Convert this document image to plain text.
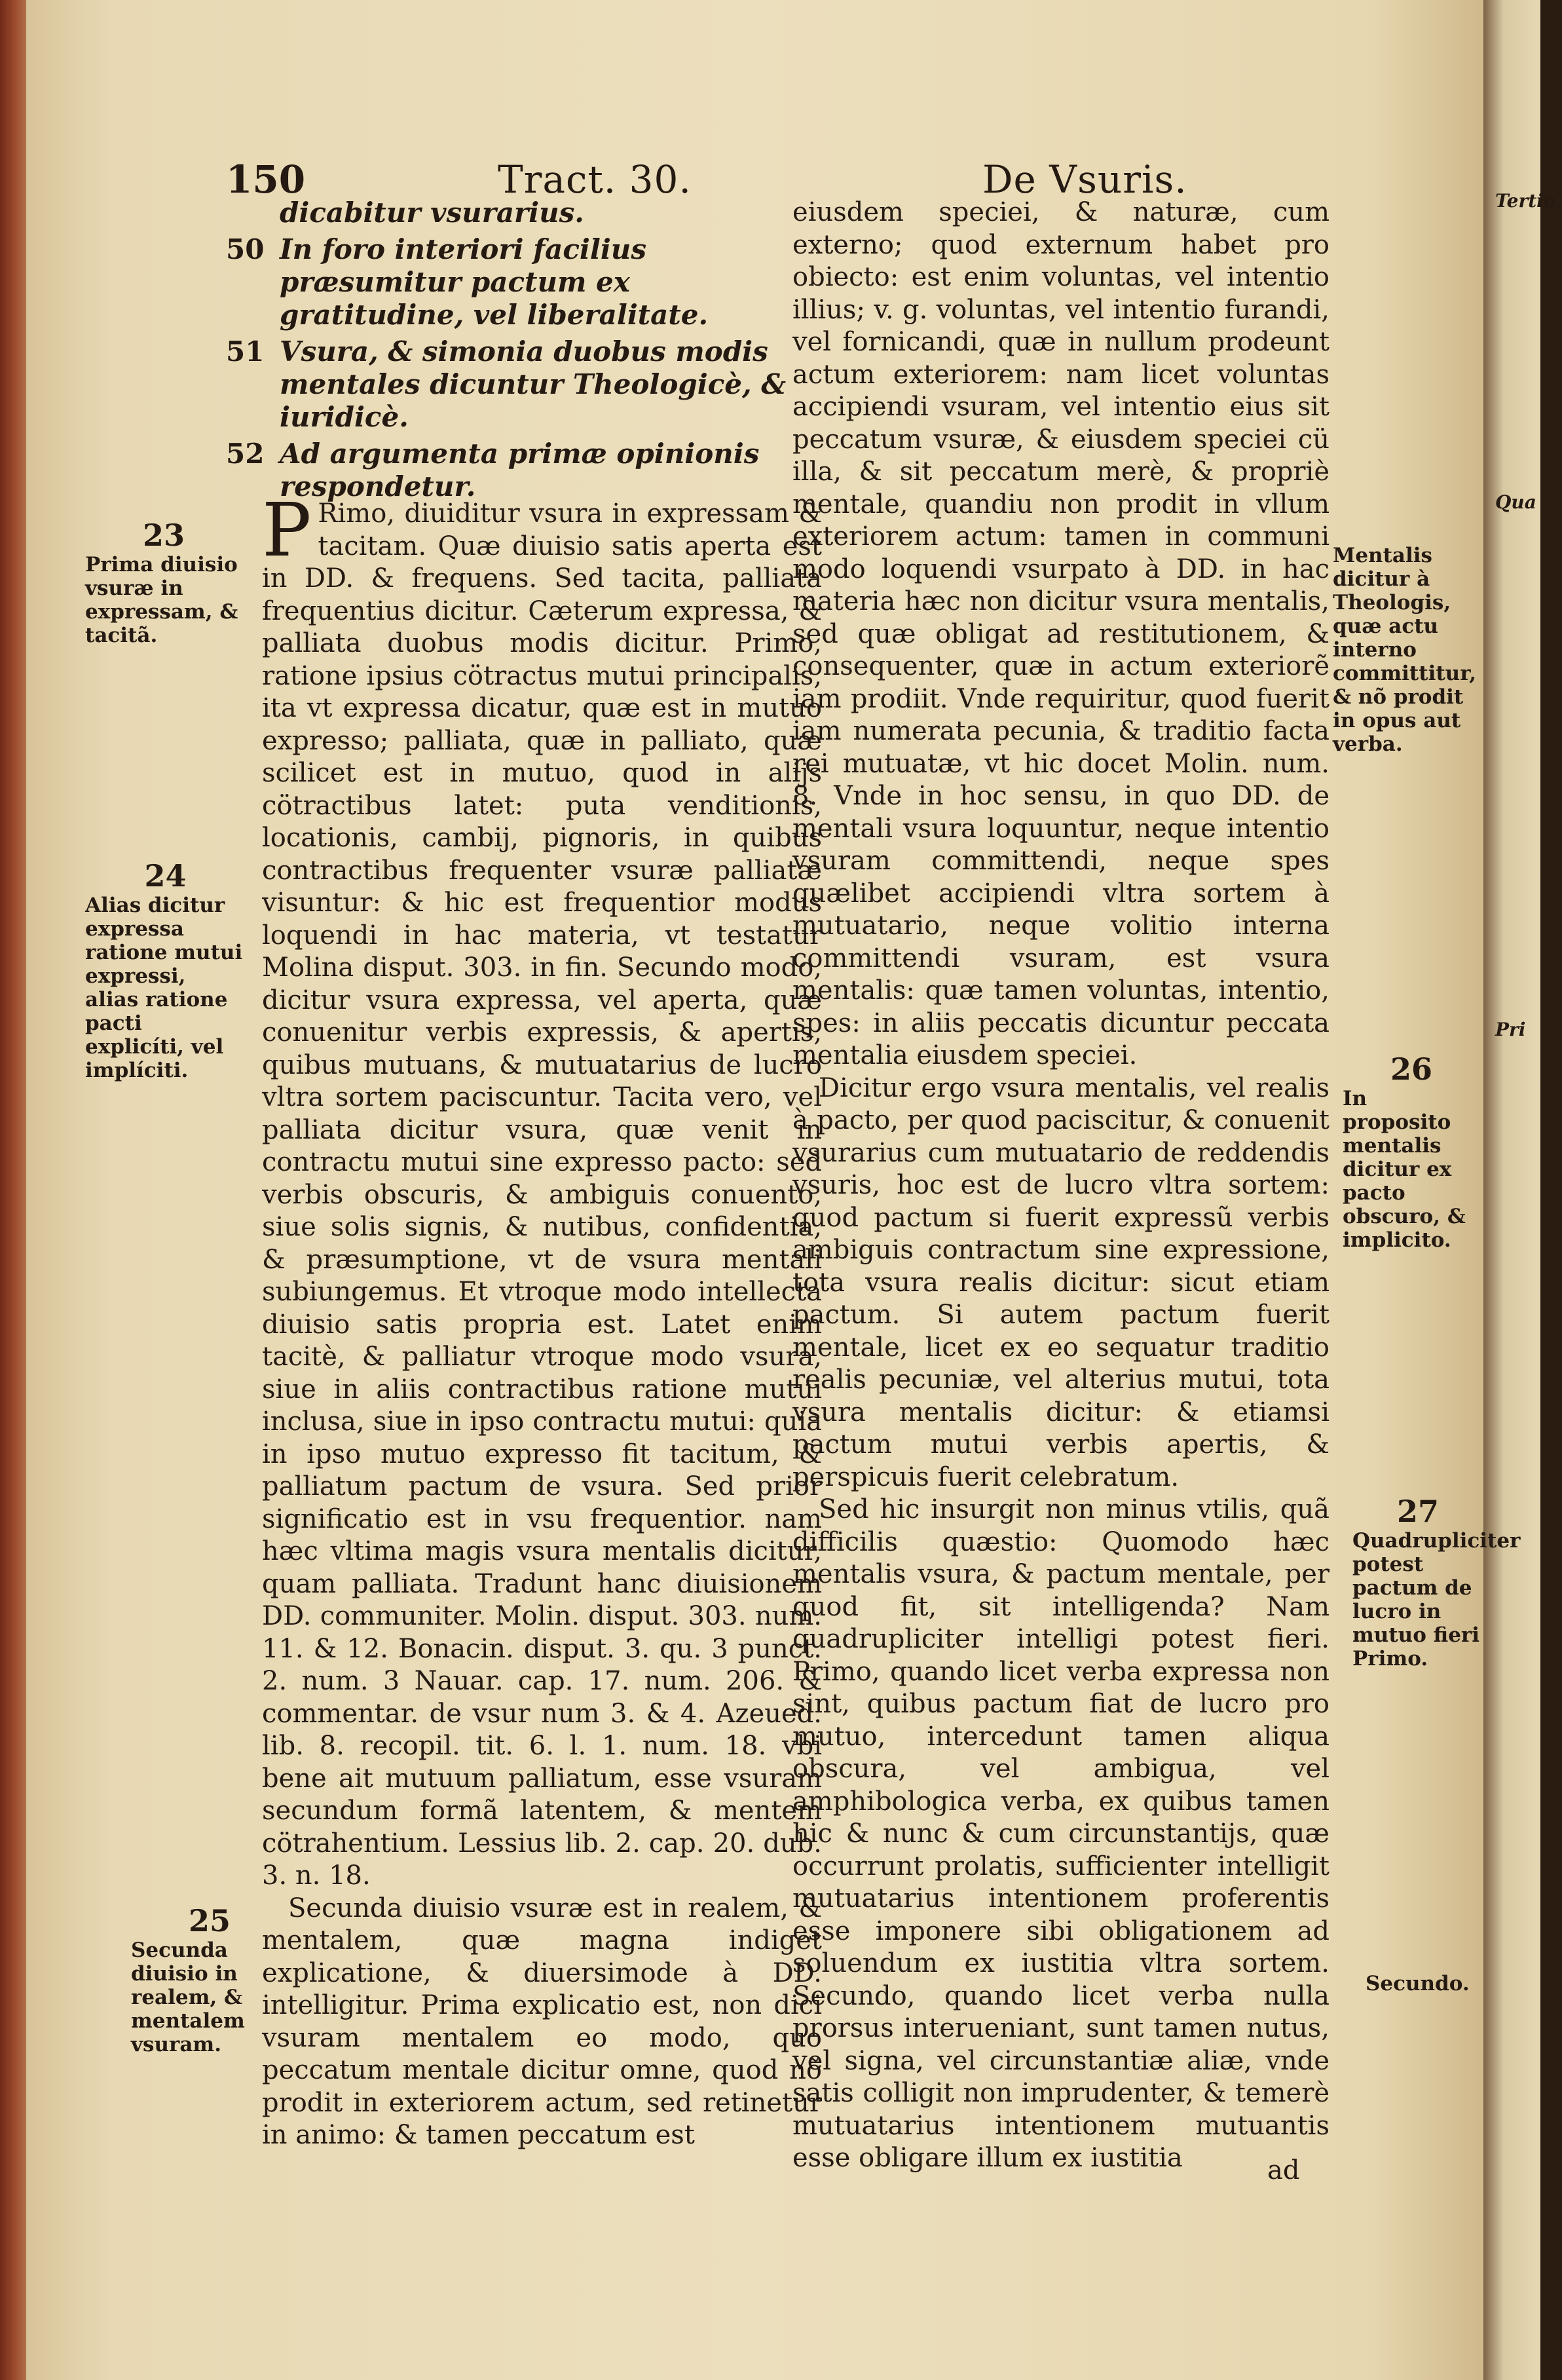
Tertio.
Qua
Pri
150	Tract. 30.	De Vsuris.
dicabitur vsurarius.
50 In foro interiori facilius præsumitur pactum ex gratitudine, vel liberalitate.
51 Vsura, & simonia duobus modis mentales dicuntur Theologicè, & iuridicè.
52 Ad argumenta primæ opinionis respondetur.

P Rimo, diuiditur vsura in expressam & tacitam. Quæ diuisio satis aperta est in DD. & frequens. Sed tacita, palliata frequentius dicitur. Cæterum expressa, & palliata duobus modis dicitur. Primo, ratione ipsius cötractus mutui principalis, ita vt expressa dicatur, quæ est in mutuo expresso; palliata, quæ in palliato, quæ scilicet est in mutuo, quod in alijs cötractibus latet: puta venditionis, locationis, cambij, pignoris, in quibus contractibus frequenter vsuræ palliatæ visuntur: & hic est frequentior modus loquendi in hac materia, vt testatur Molina disput. 303. in fin. Secundo modo, dicitur vsura expressa, vel aperta, quæ conuenitur verbis expressis, & apertis, quibus mutuans, & mutuatarius de lucro vltra sortem paciscuntur. Tacita vero, vel palliata dicitur vsura, quæ venit in contractu mutui sine expresso pacto: sed verbis obscuris, & ambiguis conuento, siue solis signis, & nutibus, confidentia, & præsumptione, vt de vsura mentali subiungemus. Et vtroque modo intellecta diuisio satis propria est. Latet enim tacitè, & palliatur vtroque modo vsura, siue in aliis contractibus ratione mutui inclusa, siue in ipso contractu mutui: quia in ipso mutuo expresso fit tacitum, & palliatum pactum de vsura. Sed prior significatio est in vsu frequentior. nam hæc vltima magis vsura mentalis dicitur, quam palliata. Tradunt hanc diuisionem DD. communiter. Molin. disput. 303. num. 11. & 12. Bonacin. disput. 3. qu. 3 punct. 2. num. 3 Nauar. cap. 17. num. 206. & commentar. de vsur num 3. & 4. Azeued. lib. 8. recopil. tit. 6. l. 1. num. 18. vbi bene ait mutuum palliatum, esse vsuram secundum formã latentem, & mentem cötrahentium. Lessius lib. 2. cap. 20. dub. 3. n. 18.

Secunda diuisio vsuræ est in realem, & mentalem, quæ magna indiget explicatione, & diuersimode à DD. intelligitur. Prima explicatio est, non dici vsuram mentalem eo modo, quo peccatum mentale dicitur omne, quod nõ prodit in exteriorem actum, sed retinetur in animo: & tamen peccatum est

eiusdem speciei, & naturæ, cum externo; quod externum habet pro obiecto: est enim voluntas, vel intentio illius; v. g. voluntas, vel intentio furandi, vel fornicandi, quæ in nullum prodeunt actum exteriorem: nam licet voluntas accipiendi vsuram, vel intentio eius sit peccatum vsuræ, & eiusdem speciei cü illa, & sit peccatum merè, & propriè mentale, quandiu non prodit in vllum exteriorem actum: tamen in communi modo loquendi vsurpato à DD. in hac materia hæc non dicitur vsura mentalis, sed quæ obligat ad restitutionem, & consequenter, quæ in actum exteriorẽ iam prodiit. Vnde requiritur, quod fuerit iam numerata pecunia, & traditio facta rei mutuatæ, vt hic docet Molin. num. 8. Vnde in hoc sensu, in quo DD. de mentali vsura loquuntur, neque intentio vsuram committendi, neque spes quælibet accipiendi vltra sortem à mutuatario, neque volitio interna committendi vsuram, est vsura mentalis: quæ tamen voluntas, intentio, spes: in aliis peccatis dicuntur peccata mentalia eiusdem speciei.

Dicitur ergo vsura mentalis, vel realis à pacto, per quod paciscitur, & conuenit vsurarius cum mutuatario de reddendis vsuris, hoc est de lucro vltra sortem: quod pactum si fuerit expressũ verbis ambiguis contractum sine expressione, tota vsura realis dicitur: sicut etiam pactum. Si autem pactum fuerit mentale, licet ex eo sequatur traditio realis pecuniæ, vel alterius mutui, tota vsura mentalis dicitur: & etiamsi pactum mutui verbis apertis, & perspicuis fuerit celebratum.

Sed hic insurgit non minus vtilis, quã difficilis quæstio: Quomodo hæc mentalis vsura, & pactum mentale, per quod fit, sit intelligenda? Nam quadrupliciter intelligi potest fieri. Primo, quando licet verba expressa non sint, quibus pactum fiat de lucro pro mutuo, intercedunt tamen aliqua obscura, vel ambigua, vel amphibologica verba, ex quibus tamen hic & nunc & cum circunstantijs, quæ occurrunt prolatis, sufficienter intelligit mutuatarius intentionem proferentis esse imponere sibi obligationem ad soluendum ex iustitia vltra sortem. Secundo, quando licet verba nulla prorsus interueniant, sunt tamen nutus, vel signa, vel circunstantiæ aliæ, vnde satis colligit non imprudenter, & temerè mutuatarius intentionem mutuantis esse obligare illum ex iustitia	ad
23
Prima diuisio vsuræ in expressam, & tacitã.
24
Alias dicitur expressa ratione mutui expressi, alias ratione pacti explicíti, vel implíciti.
25
Secunda diuisio in realem, & mentalem vsuram.
Mentalis dicitur à Theologis, quæ actu interno committitur, & nõ prodit in opus aut verba.
26
In proposito mentalis dicitur ex pacto obscuro, & implicito.
27
Quadrupliciter potest pactum de lucro in mutuo fieri Primo.
Secundo.
